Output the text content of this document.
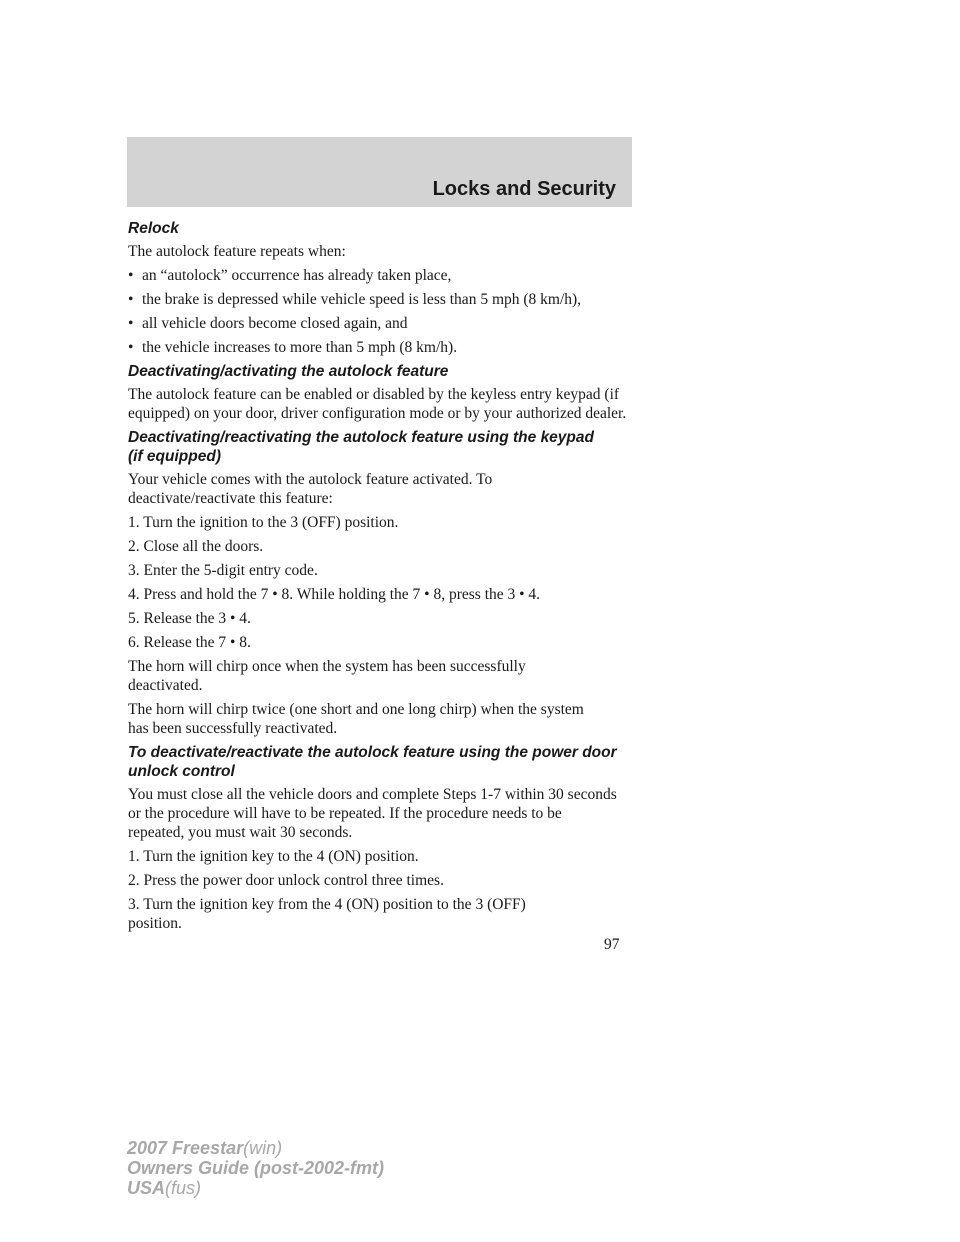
Locks and Security
Relock

The autolock feature repeats when:

• an “autolock” occurrence has already taken place,
• the brake is depressed while vehicle speed is less than 5 mph (8 km/h),
• all vehicle doors become closed again, and
• the vehicle increases to more than 5 mph (8 km/h).
Deactivating/activating the autolock feature

The autolock feature can be enabled or disabled by the keyless entry keypad (if equipped) on your door, driver configuration mode or by your authorized dealer.

Deactivating/reactivating the autolock feature using the keypad (if equipped)

Your vehicle comes with the autolock feature activated. To deactivate/reactivate this feature:

1. Turn the ignition to the 3 (OFF) position.

2. Close all the doors.

3. Enter the 5-digit entry code.

4. Press and hold the 7 • 8. While holding the 7 • 8, press the 3 • 4.

5. Release the 3 • 4.

6. Release the 7 • 8.

The horn will chirp once when the system has been successfully deactivated.

The horn will chirp twice (one short and one long chirp) when the system has been successfully reactivated.

To deactivate/reactivate the autolock feature using the power door unlock control

You must close all the vehicle doors and complete Steps 1-7 within 30 seconds or the procedure will have to be repeated. If the procedure needs to be repeated, you must wait 30 seconds.

1. Turn the ignition key to the 4 (ON) position.

2. Press the power door unlock control three times.

3. Turn the ignition key from the 4 (ON) position to the 3 (OFF) position.

97
2007 Freestar(win)
Owners Guide (post-2002-fmt)
USA(fus)
